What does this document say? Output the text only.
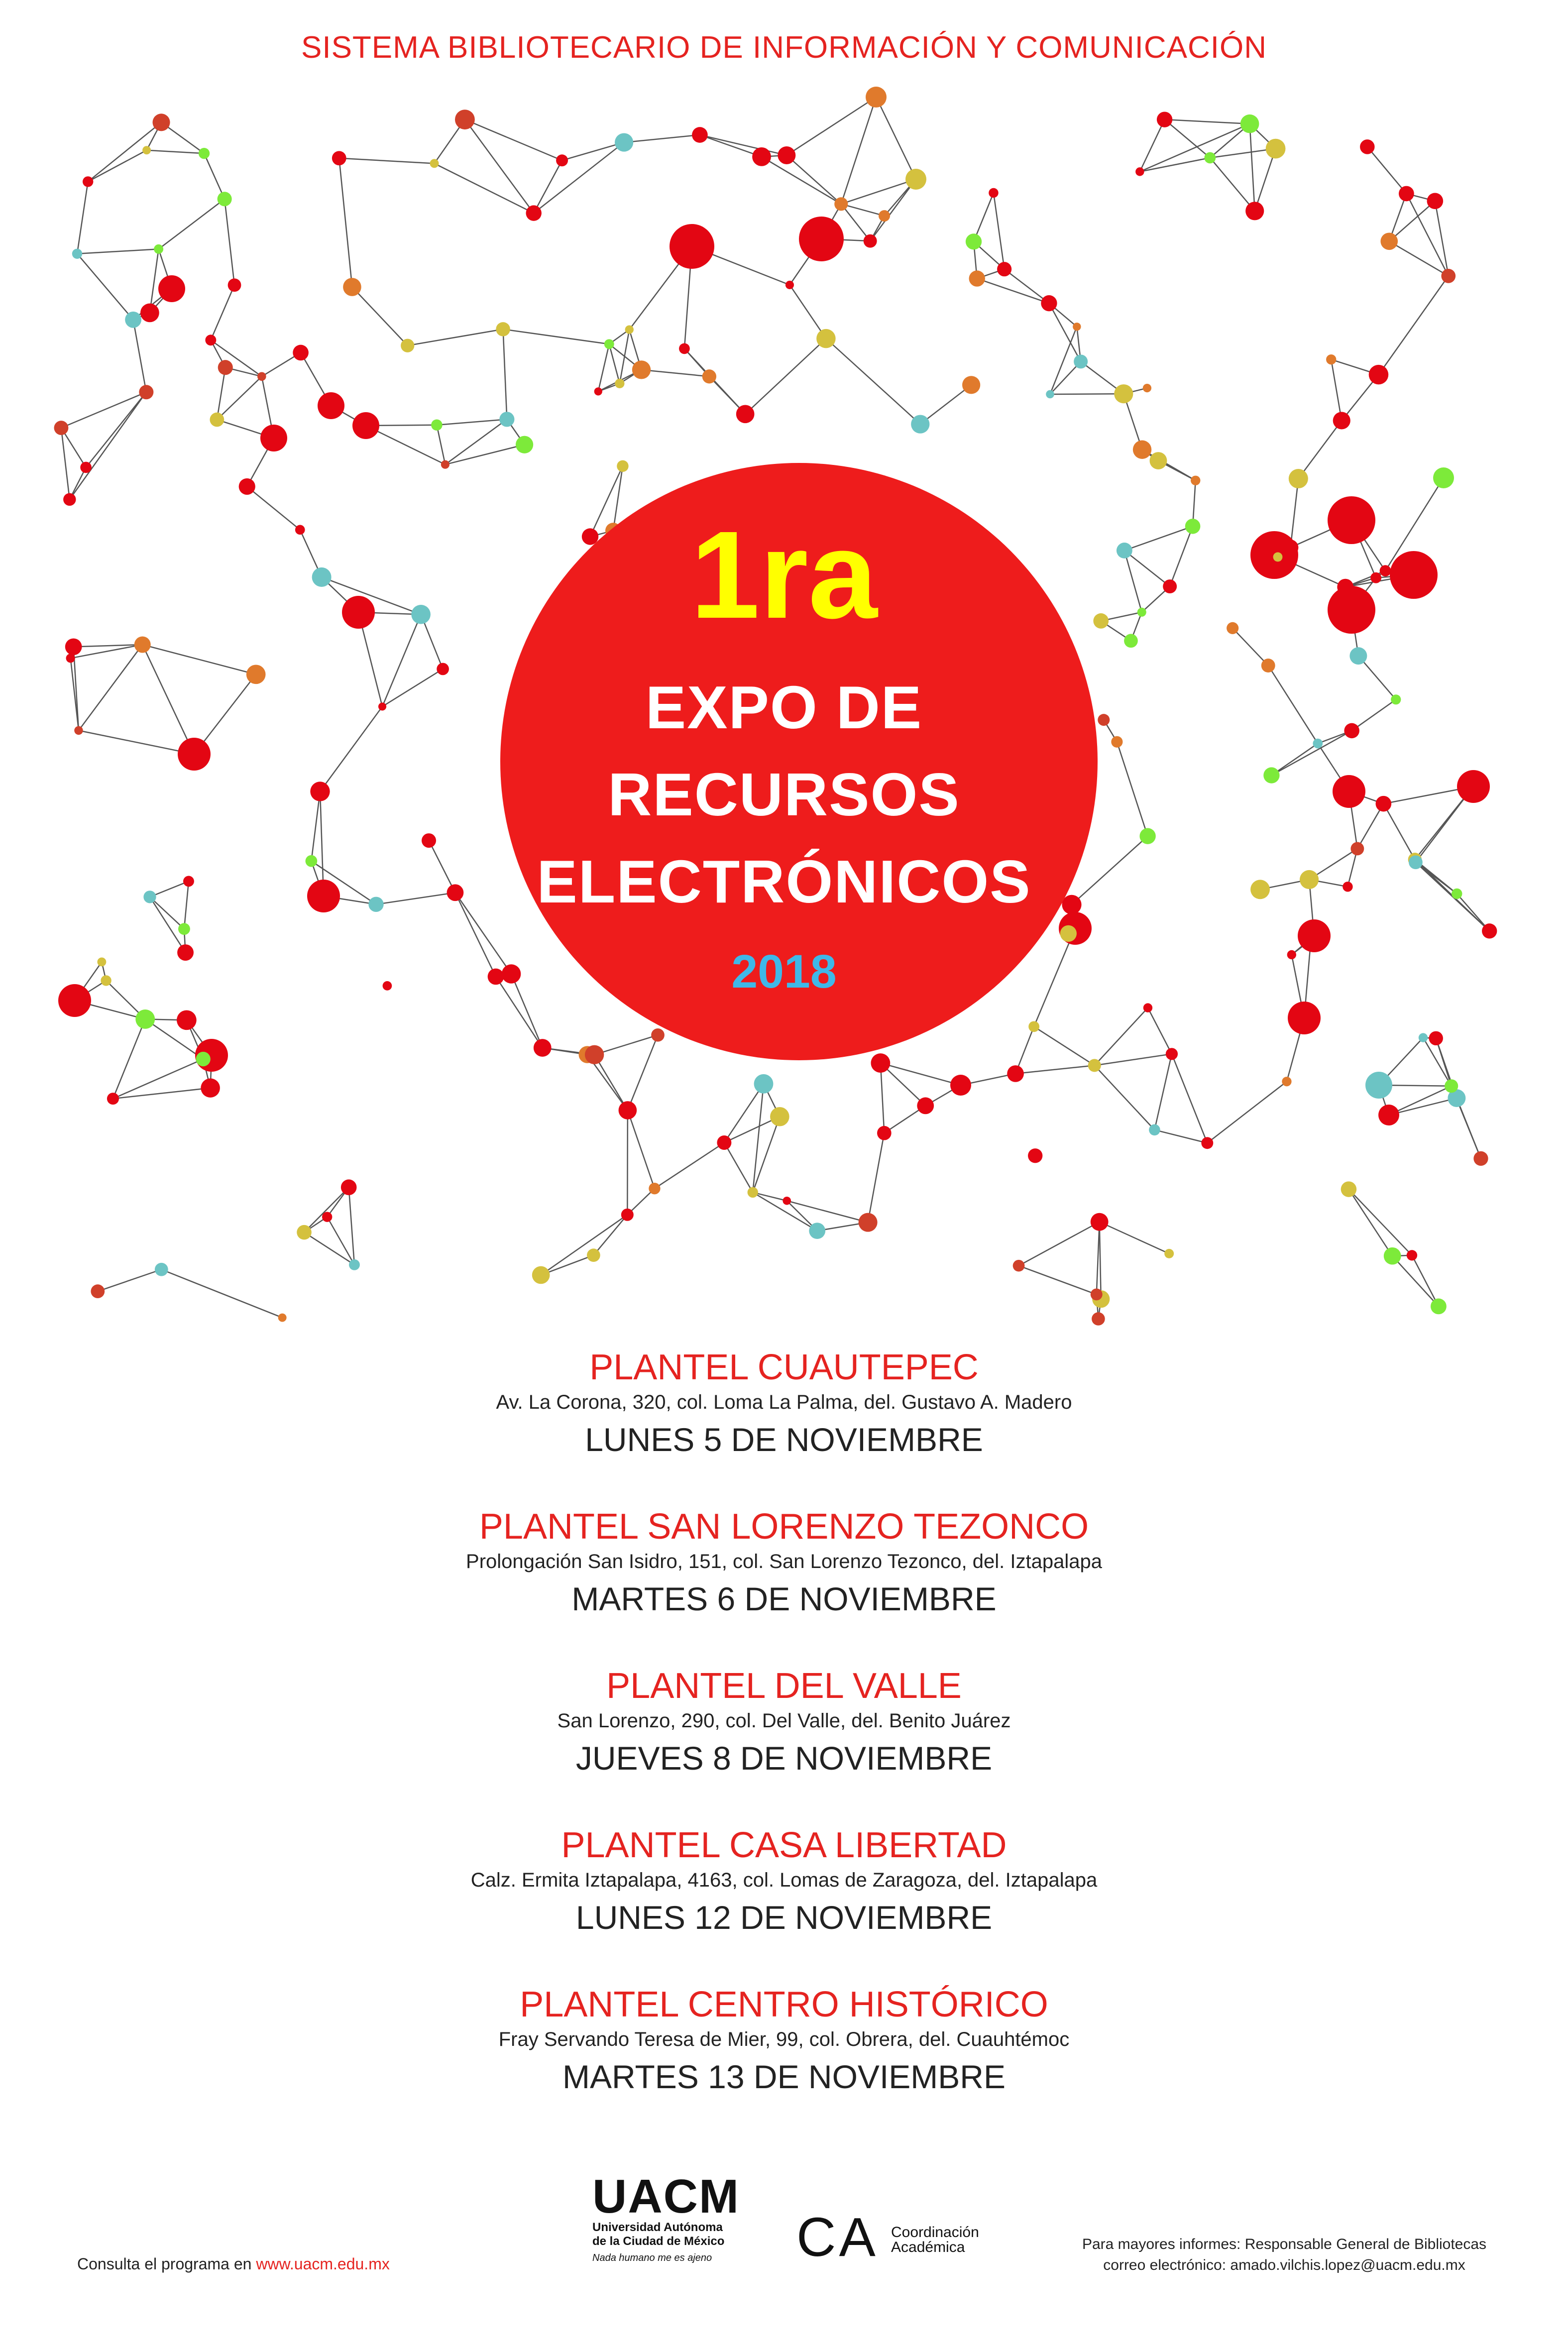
SISTEMA BIBLIOTECARIO DE INFORMACIÓN Y COMUNICACIÓN
1ra
EXPO DE
RECURSOS
ELECTRÓNICOS
2018
PLANTEL CUAUTEPEC
Av. La Corona, 320, col. Loma La Palma, del. Gustavo A. Madero
LUNES 5 DE NOVIEMBRE
PLANTEL SAN LORENZO TEZONCO
Prolongación San Isidro, 151, col. San Lorenzo Tezonco, del. Iztapalapa
MARTES 6 DE NOVIEMBRE
PLANTEL DEL VALLE
San Lorenzo, 290, col. Del Valle, del. Benito Juárez
JUEVES 8 DE NOVIEMBRE
PLANTEL CASA LIBERTAD
Calz. Ermita Iztapalapa, 4163, col. Lomas de Zaragoza, del. Iztapalapa
LUNES 12 DE NOVIEMBRE
PLANTEL CENTRO HISTÓRICO
Fray Servando Teresa de Mier, 99, col. Obrera, del. Cuauhtémoc
MARTES 13 DE NOVIEMBRE
Consulta el programa en www.uacm.edu.mx
UACM
Universidad Autónoma
de la Ciudad de México
Nada humano me es ajeno	CA Coordinación
Académica	Para mayores informes: Responsable General de Bibliotecas
correo electrónico: amado.vilchis.lopez@uacm.edu.mx
